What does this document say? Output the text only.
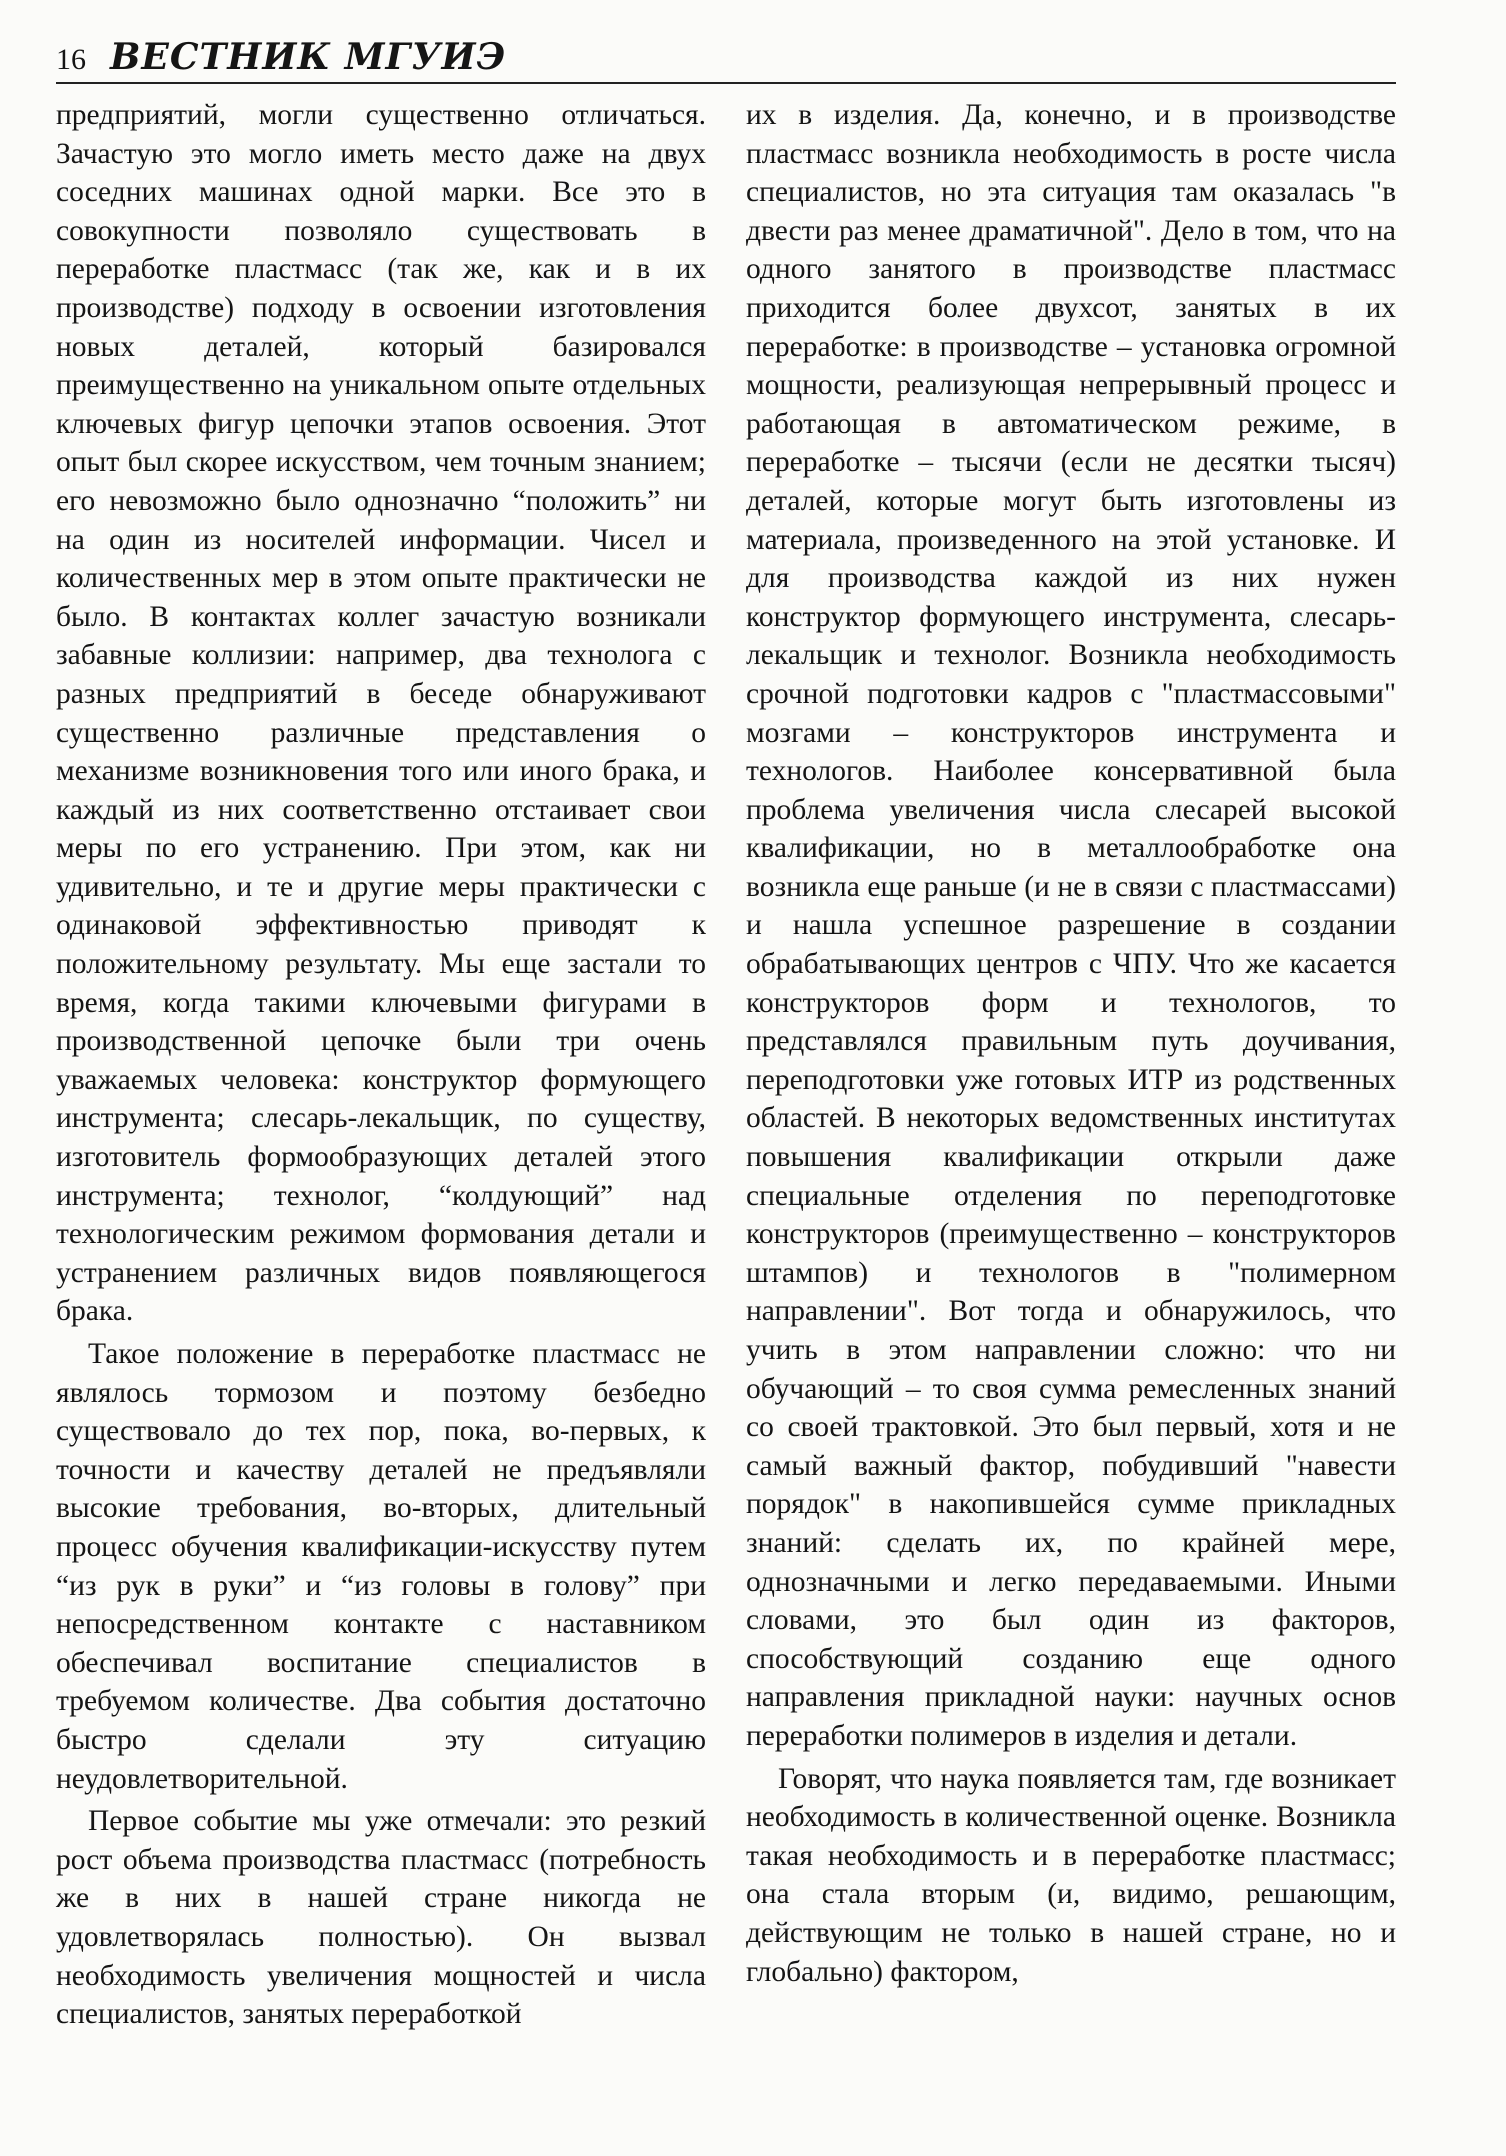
16 ВЕСТНИК МГУИЭ

предприятий, могли существенно отличаться. Зачастую это могло иметь место даже на двух соседних машинах одной марки. Все это в совокупности позволяло существовать в переработке пластмасс (так же, как и в их производстве) подходу в освоении изготовления новых деталей, который базировался преимущественно на уникальном опыте отдельных ключевых фигур цепочки этапов освоения. Этот опыт был скорее искусством, чем точным знанием; его невозможно было однозначно “положить” ни на один из носителей информации. Чисел и количественных мер в этом опыте практически не было. В контактах коллег зачастую возникали забавные коллизии: например, два технолога с разных предприятий в беседе обнаруживают существенно различные представления о механизме возникновения того или иного брака, и каждый из них соответственно отстаивает свои меры по его устранению. При этом, как ни удивительно, и те и другие меры практически с одинаковой эффективностью приводят к положительному результату. Мы еще застали то время, когда такими ключевыми фигурами в производственной цепочке были три очень уважаемых человека: конструктор формующего инструмента; слесарь-лекальщик, по существу, изготовитель формообразующих деталей этого инструмента; технолог, “колдующий” над технологическим режимом формования детали и устранением различных видов появляющегося брака.

Такое положение в переработке пластмасс не являлось тормозом и поэтому безбедно существовало до тех пор, пока, во-первых, к точности и качеству деталей не предъявляли высокие требования, во-вторых, длительный процесс обучения квалификации-искусству путем “из рук в руки” и “из головы в голову” при непосредственном контакте с наставником обеспечивал воспитание специалистов в требуемом количестве. Два события достаточно быстро сделали эту ситуацию неудовлетворительной.

Первое событие мы уже отмечали: это резкий рост объема производства пластмасс (потребность же в них в нашей стране никогда не удовлетворялась полностью). Он вызвал необходимость увеличения мощностей и числа специалистов, занятых переработкой

их в изделия. Да, конечно, и в производстве пластмасс возникла необходимость в росте числа специалистов, но эта ситуация там оказалась "в двести раз менее драматичной". Дело в том, что на одного занятого в производстве пластмасс приходится более двухсот, занятых в их переработке: в производстве – установка огромной мощности, реализующая непрерывный процесс и работающая в автоматическом режиме, в переработке – тысячи (если не десятки тысяч) деталей, которые могут быть изготовлены из материала, произведенного на этой установке. И для производства каждой из них нужен конструктор формующего инструмента, слесарь-лекальщик и технолог. Возникла необходимость срочной подготовки кадров с "пластмассовыми" мозгами – конструкторов инструмента и технологов. Наиболее консервативной была проблема увеличения числа слесарей высокой квалификации, но в металлообработке она возникла еще раньше (и не в связи с пластмассами) и нашла успешное разрешение в создании обрабатывающих центров с ЧПУ. Что же касается конструкторов форм и технологов, то представлялся правильным путь доучивания, переподготовки уже готовых ИТР из родственных областей. В некоторых ведомственных институтах повышения квалификации открыли даже специальные отделения по переподготовке конструкторов (преимущественно – конструкторов штампов) и технологов в "полимерном направлении". Вот тогда и обнаружилось, что учить в этом направлении сложно: что ни обучающий – то своя сумма ремесленных знаний со своей трактовкой. Это был первый, хотя и не самый важный фактор, побудивший "навести порядок" в накопившейся сумме прикладных знаний: сделать их, по крайней мере, однозначными и легко передаваемыми. Иными словами, это был один из факторов, способствующий созданию еще одного направления прикладной науки: научных основ переработки полимеров в изделия и детали.

Говорят, что наука появляется там, где возникает необходимость в количественной оценке. Возникла такая необходимость и в переработке пластмасс; она стала вторым (и, видимо, решающим, действующим не только в нашей стране, но и глобально) фактором,
